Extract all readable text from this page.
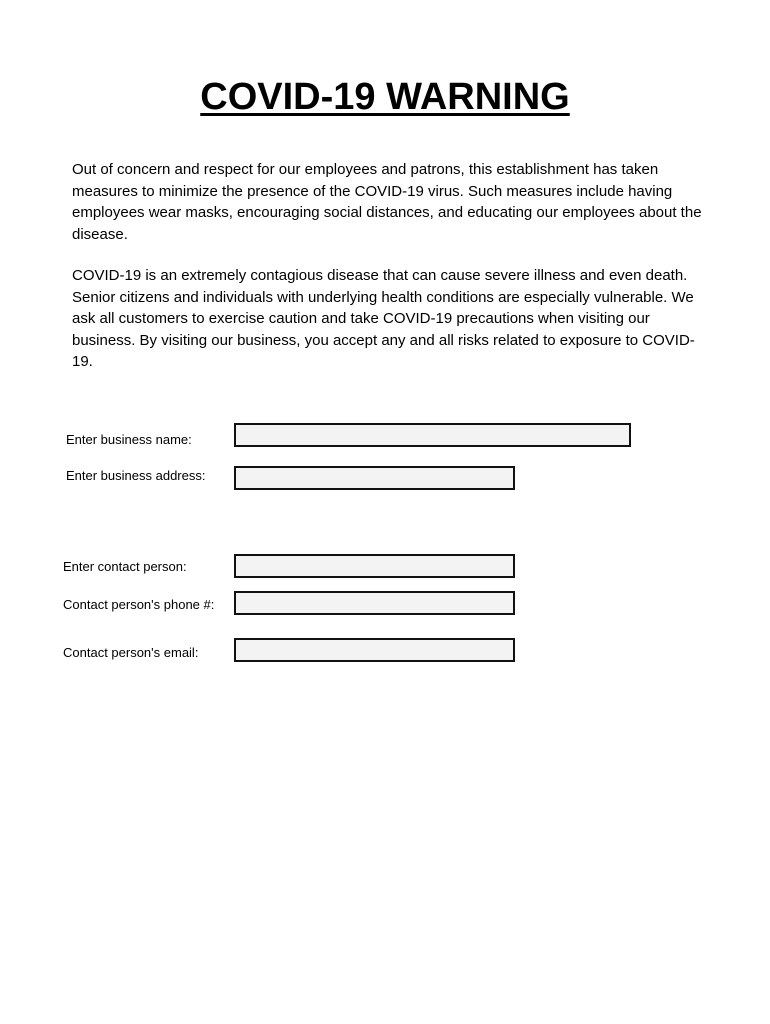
COVID-19 WARNING

Out of concern and respect for our employees and patrons, this establishment has taken measures to minimize the presence of the COVID-19 virus. Such measures include having employees wear masks, encouraging social distances, and educating our employees about the disease.

COVID-19 is an extremely contagious disease that can cause severe illness and even death. Senior citizens and individuals with underlying health conditions are especially vulnerable. We ask all customers to exercise caution and take COVID-19 precautions when visiting our business. By visiting our business, you accept any and all risks related to exposure to COVID-19.

Enter business name:

Enter business address:

Enter contact person:

Contact person's phone #:

Contact person's email:
